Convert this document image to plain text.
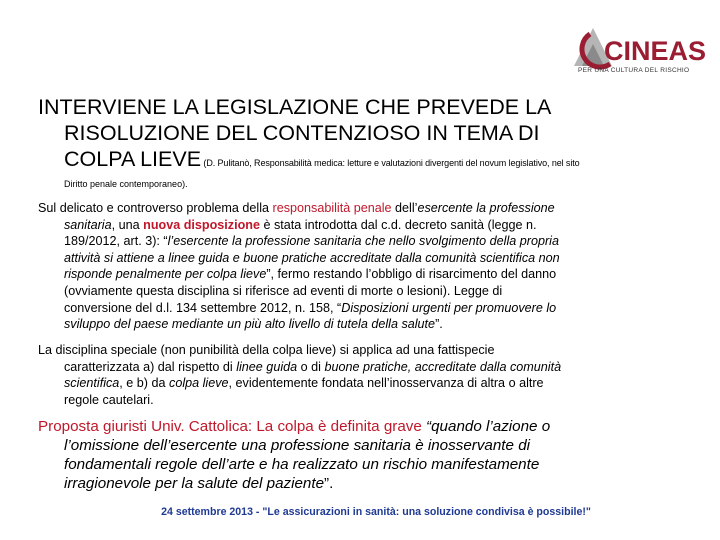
CINEAS
PER UNA CULTURA DEL RISCHIO
INTERVIENE LA LEGISLAZIONE CHE PREVEDE LA
RISOLUZIONE DEL CONTENZIOSO IN TEMA DI
COLPA LIEVE (D. Pulitanò, Responsabilità medica: letture e valutazioni divergenti del novum legislativo, nel sito
Diritto penale contemporaneo).
Sul delicato e controverso problema della responsabilità penale dell’esercente la professione
sanitaria, una nuova disposizione è stata introdotta dal c.d. decreto sanità (legge n.
189/2012, art. 3): “l’esercente la professione sanitaria che nello svolgimento della propria
attività si attiene a linee guida e buone pratiche accreditate dalla comunità scientifica non
risponde penalmente per colpa lieve”, fermo restando l’obbligo di risarcimento del danno
(ovviamente questa disciplina si riferisce ad eventi di morte o lesioni). Legge di
conversione del d.l. 134 settembre 2012, n. 158, “Disposizioni urgenti per promuovere lo
sviluppo del paese mediante un più alto livello di tutela della salute”.
La disciplina speciale (non punibilità della colpa lieve) si applica ad una fattispecie
caratterizzata a) dal rispetto di linee guida o di buone pratiche, accreditate dalla comunità
scientifica, e b) da colpa lieve, evidentemente fondata nell’inosservanza di altra o altre
regole cautelari.
Proposta giuristi Univ. Cattolica: La colpa è definita grave “quando l’azione o
l’omissione dell’esercente una professione sanitaria è inosservante di
fondamentali regole dell’arte e ha realizzato un rischio manifestamente
irragionevole per la salute del paziente”.
24 settembre 2013 - "Le assicurazioni in sanità: una soluzione condivisa è possibile!"
